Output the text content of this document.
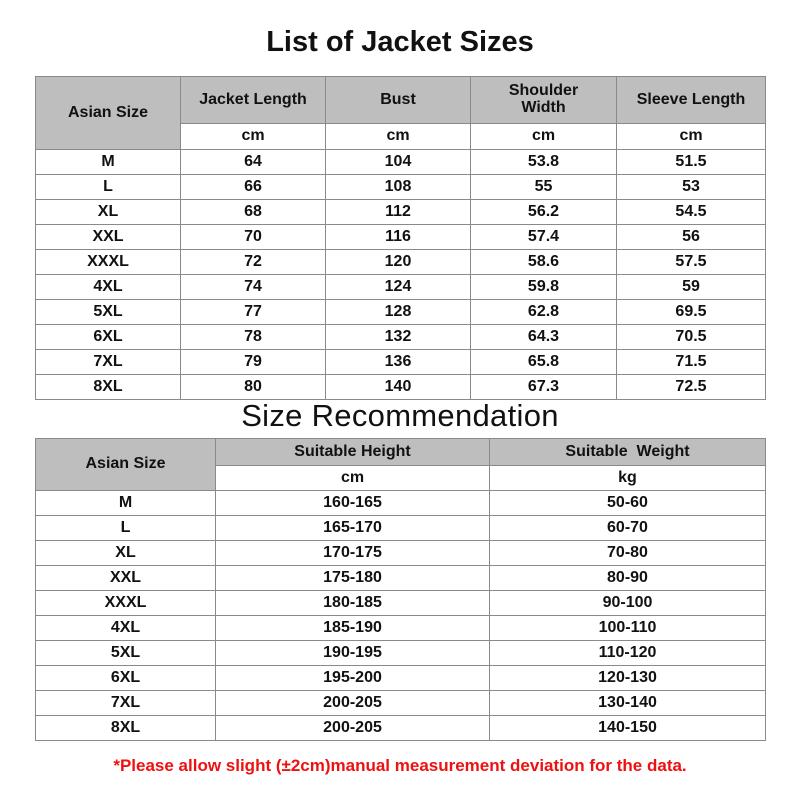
List of Jacket Sizes
Asian Size	Jacket Length	Bust	Shoulder Width	Sleeve Length
	cm	cm	cm	cm
M	64	104	53.8	51.5
L	66	108	55	53
XL	68	112	56.2	54.5
XXL	70	116	57.4	56
XXXL	72	120	58.6	57.5
4XL	74	124	59.8	59
5XL	77	128	62.8	69.5
6XL	78	132	64.3	70.5
7XL	79	136	65.8	71.5
8XL	80	140	67.3	72.5
Size Recommendation
Asian Size	Suitable Height	Suitable  Weight
	cm	kg
M	160-165	50-60
L	165-170	60-70
XL	170-175	70-80
XXL	175-180	80-90
XXXL	180-185	90-100
4XL	185-190	100-110
5XL	190-195	110-120
6XL	195-200	120-130
7XL	200-205	130-140
8XL	200-205	140-150

*Please allow slight (±2cm)manual measurement deviation for the data.
